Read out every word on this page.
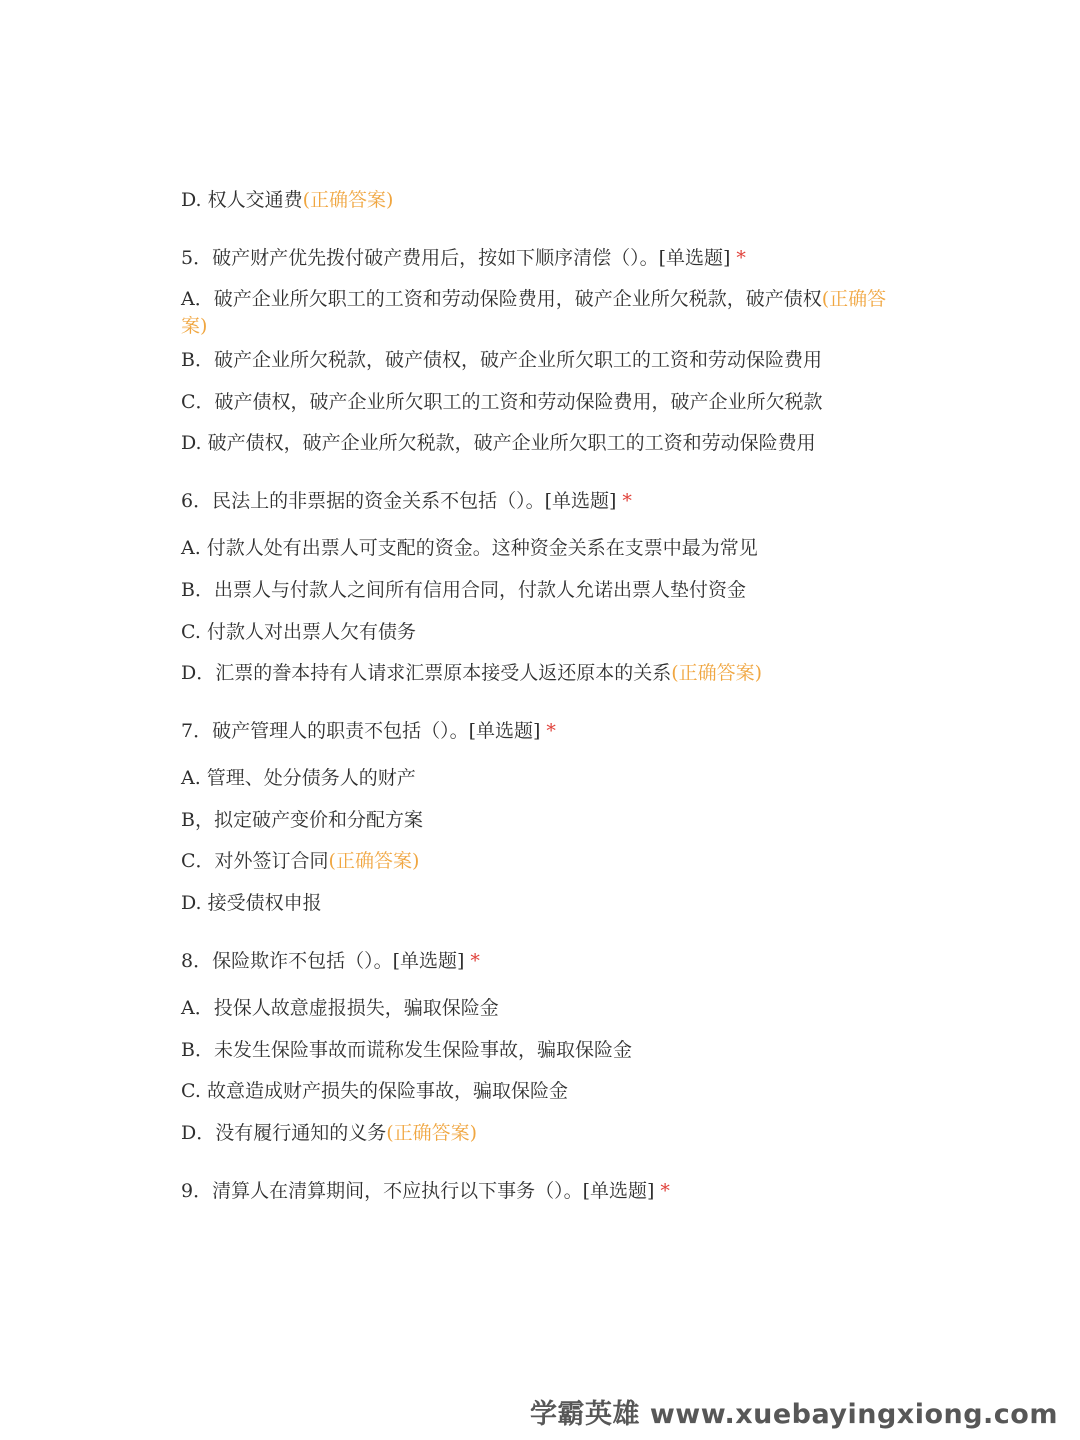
D. 权人交通费(正确答案)
5．破产财产优先拨付破产费用后，按如下顺序清偿（）。[单选题] *
A．破产企业所欠职工的工资和劳动保险费用，破产企业所欠税款，破产债权(正确答案)
B．破产企业所欠税款，破产债权，破产企业所欠职工的工资和劳动保险费用
C．破产债权，破产企业所欠职工的工资和劳动保险费用，破产企业所欠税款
D. 破产债权，破产企业所欠税款，破产企业所欠职工的工资和劳动保险费用
6．民法上的非票据的资金关系不包括（）。[单选题] *
A. 付款人处有出票人可支配的资金。这种资金关系在支票中最为常见
B．出票人与付款人之间所有信用合同，付款人允诺出票人垫付资金
C. 付款人对出票人欠有债务
D．汇票的誊本持有人请求汇票原本接受人返还原本的关系(正确答案)
7．破产管理人的职责不包括（）。[单选题] *
A. 管理、处分债务人的财产
B，拟定破产变价和分配方案
C．对外签订合同(正确答案)
D. 接受债权申报
8．保险欺诈不包括（）。[单选题] *
A．投保人故意虚报损失，骗取保险金
B．未发生保险事故而谎称发生保险事故，骗取保险金
C. 故意造成财产损失的保险事故，骗取保险金
D．没有履行通知的义务(正确答案)
9．清算人在清算期间，不应执行以下事务（）。[单选题] *
学霸英雄 www.xuebayingxiong.com
